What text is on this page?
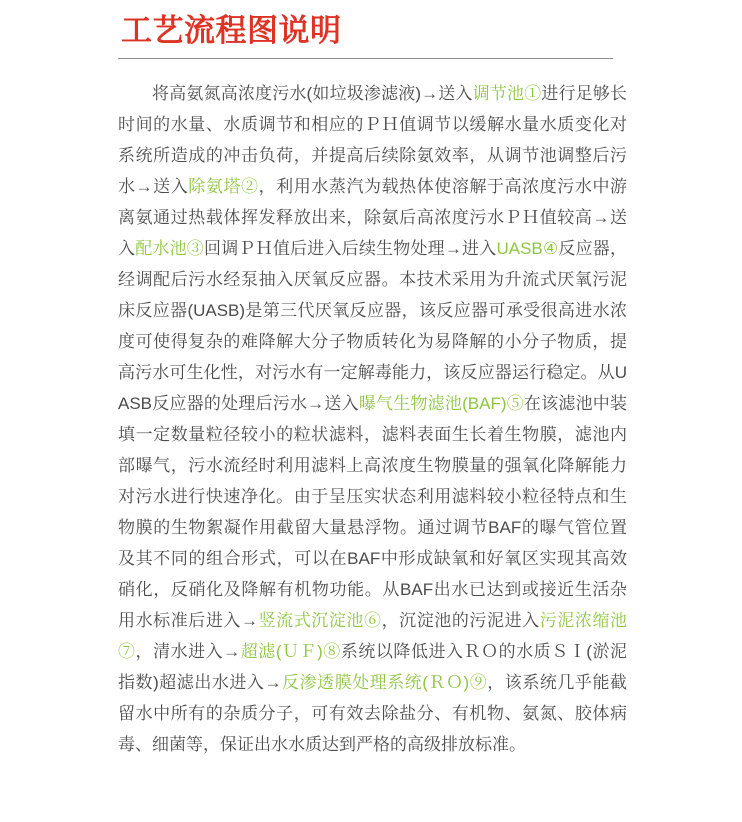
工艺流程图说明

将高氨氮高浓度污水(如垃圾渗滤液)→送入调节池①进行足够长时间的水量、水质调节和相应的ＰＨ值调节以缓解水量水质变化对系统所造成的冲击负荷，并提高后续除氨效率，从调节池调整后污水→送入除氨塔②，利用水蒸汽为载热体使溶解于高浓度污水中游离氨通过热载体挥发释放出来，除氨后高浓度污水ＰＨ值较高→送入配水池③回调ＰＨ值后进入后续生物处理→进入UASB④反应器，经调配后污水经泵抽入厌氧反应器。本技术采用为升流式厌氧污泥床反应器(UASB)是第三代厌氧反应器，该反应器可承受很高进水浓度可使得复杂的难降解大分子物质转化为易降解的小分子物质，提高污水可生化性，对污水有一定解毒能力，该反应器运行稳定。从UASB反应器的处理后污水→送入曝气生物滤池(BAF)⑤在该滤池中装填一定数量粒径较小的粒状滤料，滤料表面生长着生物膜，滤池内部曝气，污水流经时利用滤料上高浓度生物膜量的强氧化降解能力对污水进行快速净化。由于呈压实状态利用滤料较小粒径特点和生物膜的生物絮凝作用截留大量悬浮物。通过调节BAF的曝气管位置及其不同的组合形式，可以在BAF中形成缺氧和好氧区实现其高效硝化，反硝化及降解有机物功能。从BAF出水已达到或接近生活杂用水标准后进入→竖流式沉淀池⑥，沉淀池的污泥进入污泥浓缩池⑦，清水进入→超滤(ＵＦ)⑧系统以降低进入ＲＯ的水质ＳＩ(淤泥指数)超滤出水进入→反渗透膜处理系统(ＲＯ)⑨，该系统几乎能截留水中所有的杂质分子，可有效去除盐分、有机物、氨氮、胶体病毒、细菌等，保证出水水质达到严格的高级排放标准。
